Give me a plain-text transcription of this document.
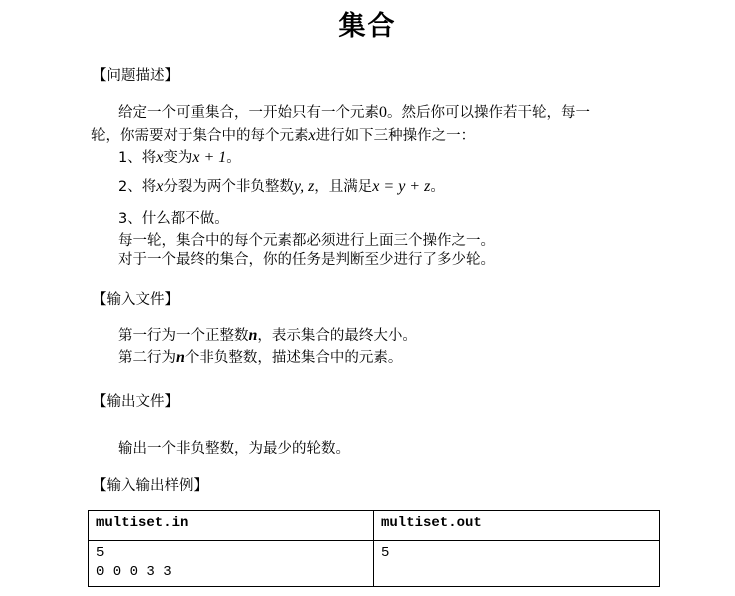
集合
【问题描述】
给定一个可重集合，一开始只有一个元素0。然后你可以操作若干轮，每一
轮，你需要对于集合中的每个元素x进行如下三种操作之一：
1、将x变为x + 1。
2、将x分裂为两个非负整数y, z，且满足x = y + z。
3、什么都不做。
每一轮，集合中的每个元素都必须进行上面三个操作之一。
对于一个最终的集合，你的任务是判断至少进行了多少轮。
【输入文件】
第一行为一个正整数n，表示集合的最终大小。
第二行为n个非负整数，描述集合中的元素。
【输出文件】
输出一个非负整数，为最少的轮数。
【输入输出样例】
multiset.in	multiset.out

5
0 0 0 3 3	5
